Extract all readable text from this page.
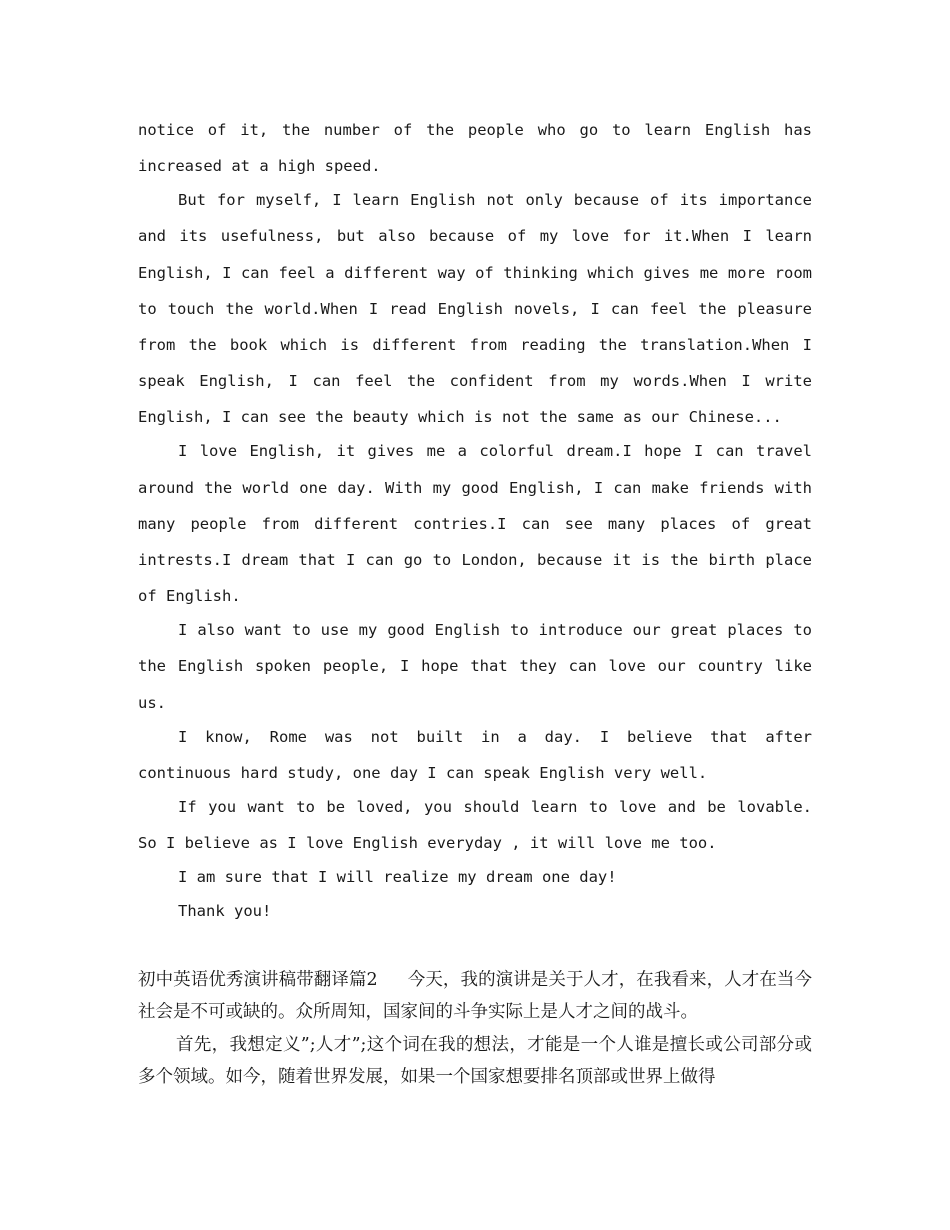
notice of it, the number of the people who go to learn English has increased at a high speed.

But for myself, I learn English not only because of its importance and its usefulness, but also because of my love for it.When I learn English, I can feel a different way of thinking which gives me more room to touch the world.When I read English novels, I can feel the pleasure from the book which is different from reading the translation.When I speak English, I can feel the confident from my words.When I write English, I can see the beauty which is not the same as our Chinese...

I love English, it gives me a colorful dream.I hope I can travel around the world one day. With my good English, I can make friends with many people from different contries.I can see many places of great intrests.I dream that I can go to London, because it is the birth place of English.

I also want to use my good English to introduce our great places to the English spoken people, I hope that they can love our country like us.

I know, Rome was not built in a day. I believe that after continuous hard study, one day I can speak English very well.

If you want to be loved, you should learn to love and be lovable. So I believe as I love English everyday , it will love me too.

I am sure that I will realize my dream one day!

Thank you!

初中英语优秀演讲稿带翻译篇2 今天，我的演讲是关于人才，在我看来，人才在当今社会是不可或缺的。众所周知，国家间的斗争实际上是人才之间的战斗。

首先，我想定义”;人才”;这个词在我的想法，才能是一个人谁是擅长或公司部分或多个领域。如今，随着世界发展，如果一个国家想要排名顶部或世界上做得
